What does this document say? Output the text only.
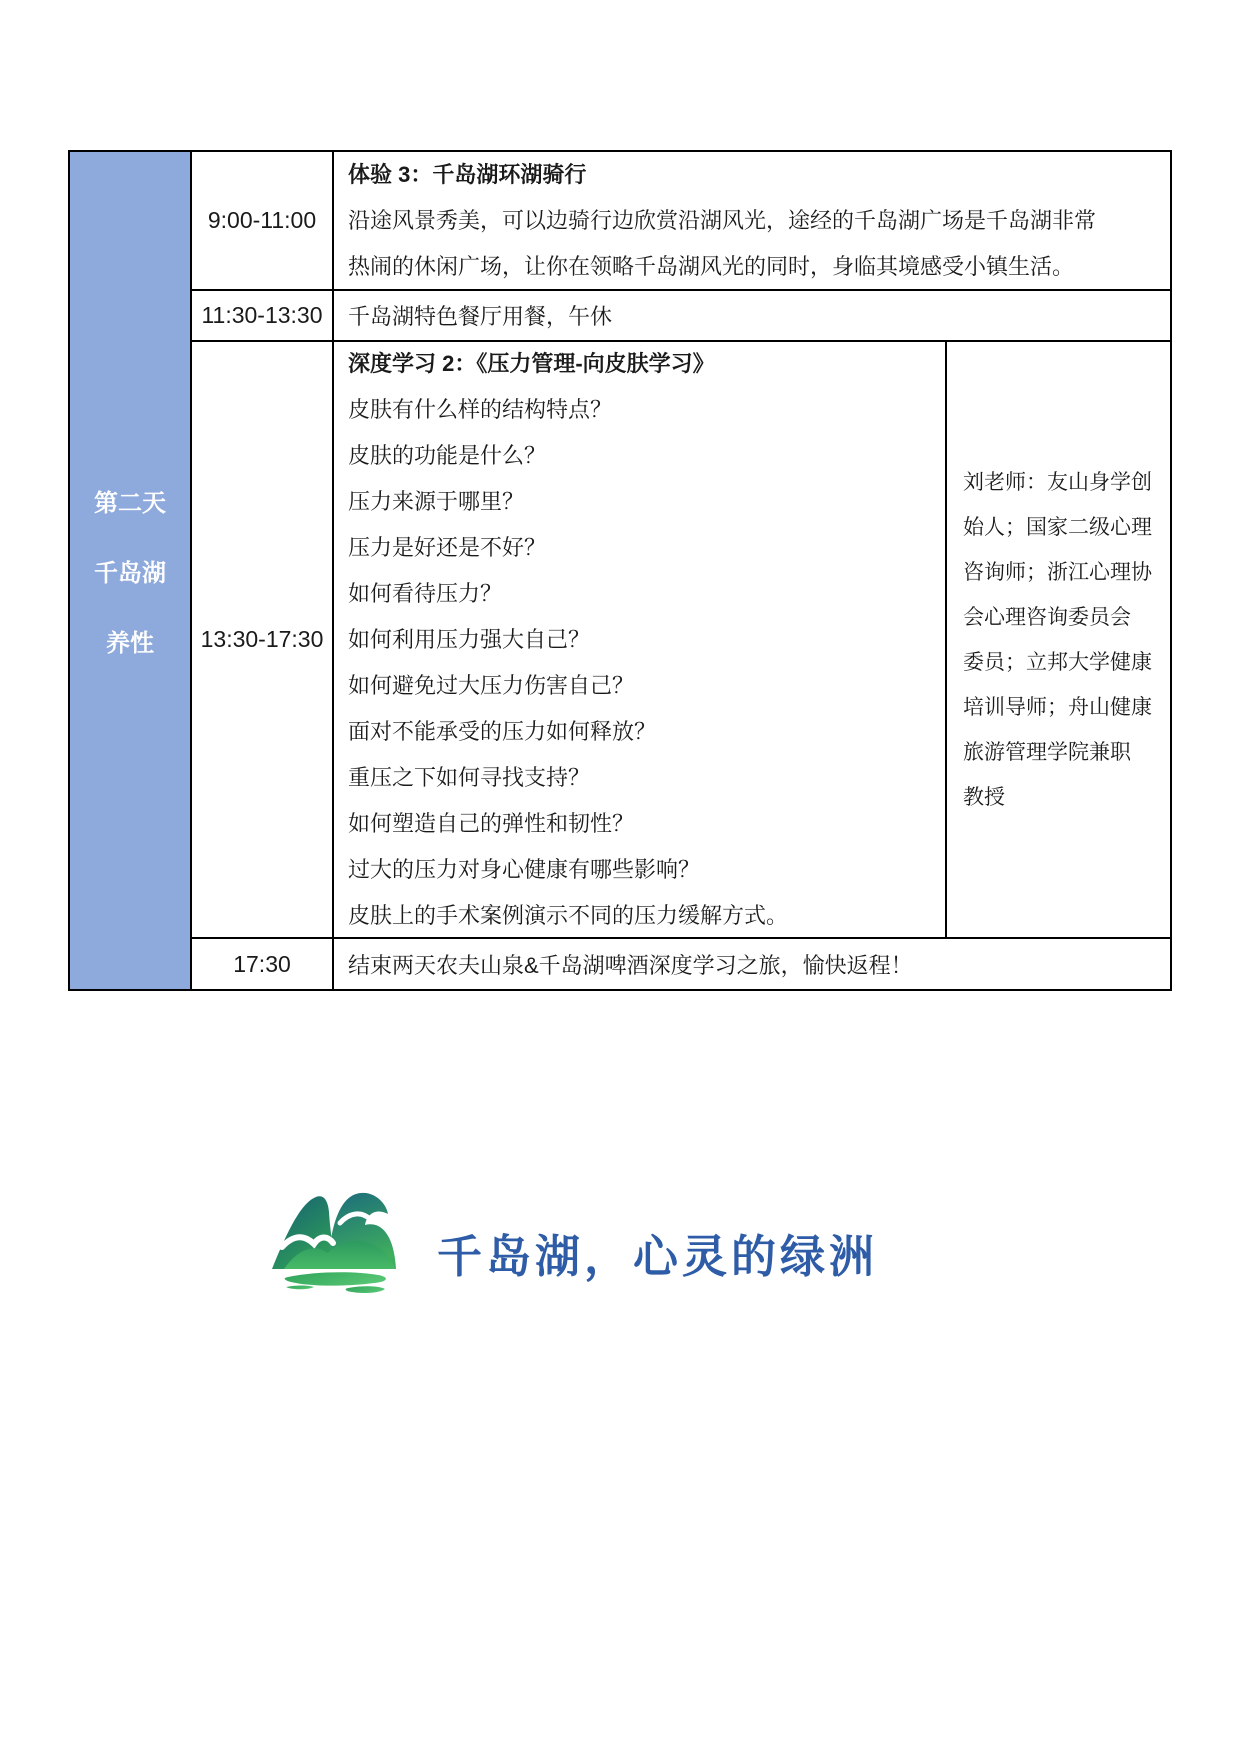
第二天
千岛湖
养性
9:00-11:00
体验 3：千岛湖环湖骑行
沿途风景秀美，可以边骑行边欣赏沿湖风光，途经的千岛湖广场是千岛湖非常
热闹的休闲广场，让你在领略千岛湖风光的同时，身临其境感受小镇生活。
11:30-13:30 千岛湖特色餐厅用餐，午休
13:30-17:30
深度学习 2：《压力管理-向皮肤学习》
皮肤有什么样的结构特点？
皮肤的功能是什么？
压力来源于哪里？
压力是好还是不好？
如何看待压力？
如何利用压力强大自己？
如何避免过大压力伤害自己？
面对不能承受的压力如何释放？
重压之下如何寻找支持？
如何塑造自己的弹性和韧性？
过大的压力对身心健康有哪些影响？
皮肤上的手术案例演示不同的压力缓解方式。
刘老师：友山身学创
始人；国家二级心理
咨询师；浙江心理协
会心理咨询委员会
委员；立邦大学健康
培训导师；舟山健康
旅游管理学院兼职
教授
17:30	结束两天农夫山泉&千岛湖啤酒深度学习之旅，愉快返程！
千岛湖，心灵的绿洲
